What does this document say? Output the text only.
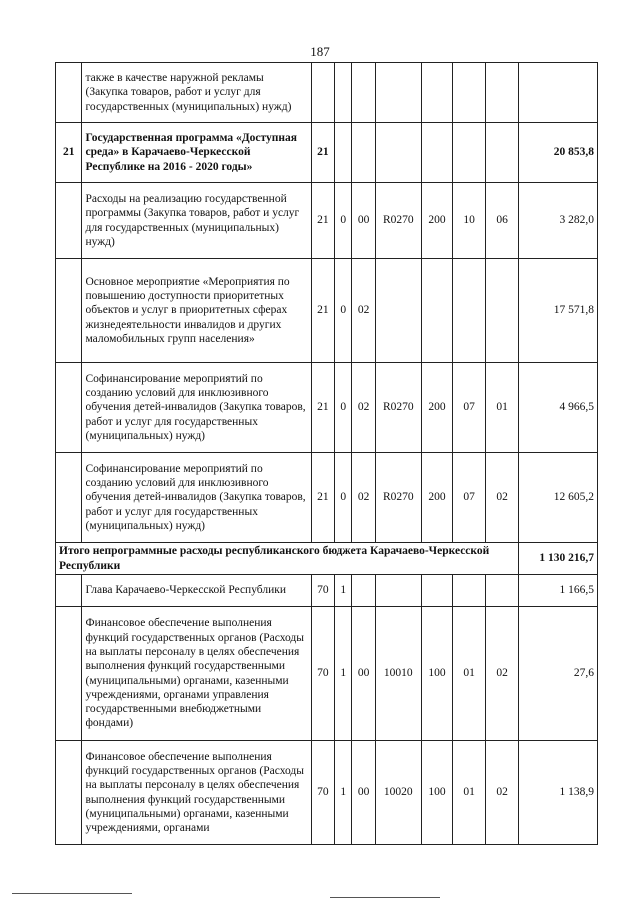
187
	также в качестве наружной рекламы (Закупка товаров, работ и услуг для государственных (муниципальных) нужд)								
21	Государственная программа «Доступная среда» в Карачаево-Черкесской Республике на 2016 - 2020 годы»	21							20 853,8
	Расходы на реализацию государственной программы (Закупка товаров, работ и услуг для государственных (муниципальных) нужд)	21	0	00	R0270	200	10	06	3 282,0
	Основное мероприятие «Мероприятия по повышению доступности приоритетных объектов и услуг в приоритетных сферах жизнедеятельности инвалидов и других маломобильных групп населения»	21	0	02					17 571,8
	Софинансирование мероприятий по созданию условий для инклюзивного обучения детей-инвалидов (Закупка товаров, работ и услуг для государственных (муниципальных) нужд)	21	0	02	R0270	200	07	01	4 966,5
	Софинансирование мероприятий по созданию условий для инклюзивного обучения детей-инвалидов (Закупка товаров, работ и услуг для государственных (муниципальных) нужд)	21	0	02	R0270	200	07	02	12 605,2
Итого непрограммные расходы республиканского бюджета Карачаево-Черкесской Республики									1 130 216,7
	Глава Карачаево-Черкесской Республики	70	1						1 166,5
	Финансовое обеспечение выполнения функций государственных органов (Расходы на выплаты персоналу в целях обеспечения выполнения функций государственными (муниципальными) органами, казенными учреждениями, органами управления государственными внебюджетными фондами)	70	1	00	10010	100	01	02	27,6
	Финансовое обеспечение выполнения функций государственных органов (Расходы на выплаты персоналу в целях обеспечения выполнения функций государственными (муниципальными) органами, казенными учреждениями, органами	70	1	00	10020	100	01	02	1 138,9
